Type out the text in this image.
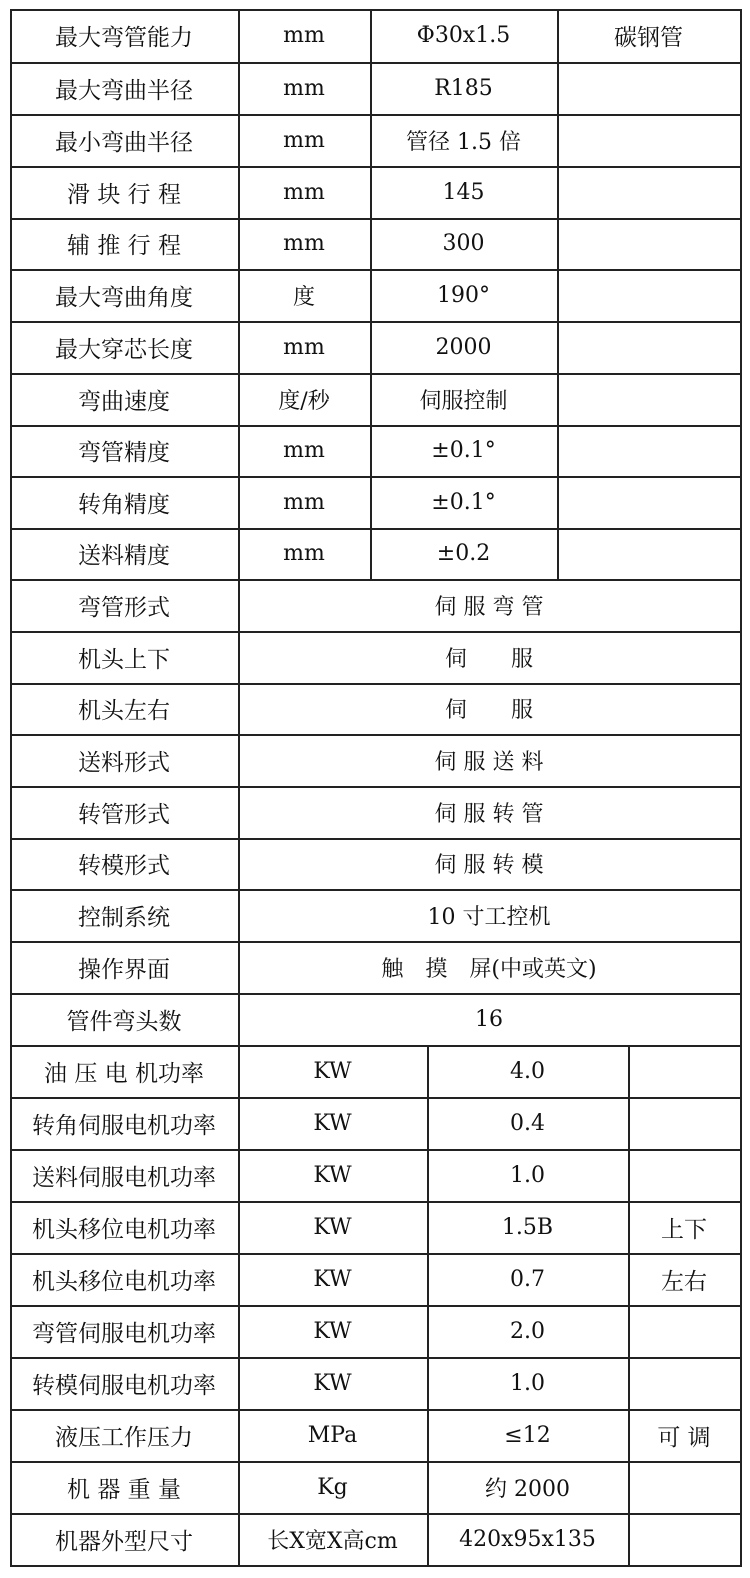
最大弯管能力	mm	Φ30x1.5	碳钢管
最大弯曲半径	mm	R185
最小弯曲半径	mm	管径 1.5 倍
滑 块 行 程	mm	145
辅 推 行 程	mm	300
最大弯曲角度	度	190°
最大穿芯长度	mm	2000
弯曲速度	度/秒	伺服控制
弯管精度	mm	±0.1°
转角精度	mm	±0.1°
送料精度	mm	±0.2
弯管形式	伺 服 弯 管
机头上下	伺　　服
机头左右	伺　　服
送料形式	伺 服 送 料
转管形式	伺 服 转 管
转模形式	伺 服 转 模
控制系统	10 寸工控机
操作界面	触　摸　屏(中或英文)
管件弯头数	16
油 压 电 机功率	KW	4.0
转角伺服电机功率	KW	0.4
送料伺服电机功率	KW	1.0
机头移位电机功率	KW	1.5B	上下
机头移位电机功率	KW	0.7	左右
弯管伺服电机功率	KW	2.0
转模伺服电机功率	KW	1.0
液压工作压力	MPa	≤12	可 调
机 器 重 量	Kg	约 2000
机器外型尺寸	长X宽X高cm	420x95x135
